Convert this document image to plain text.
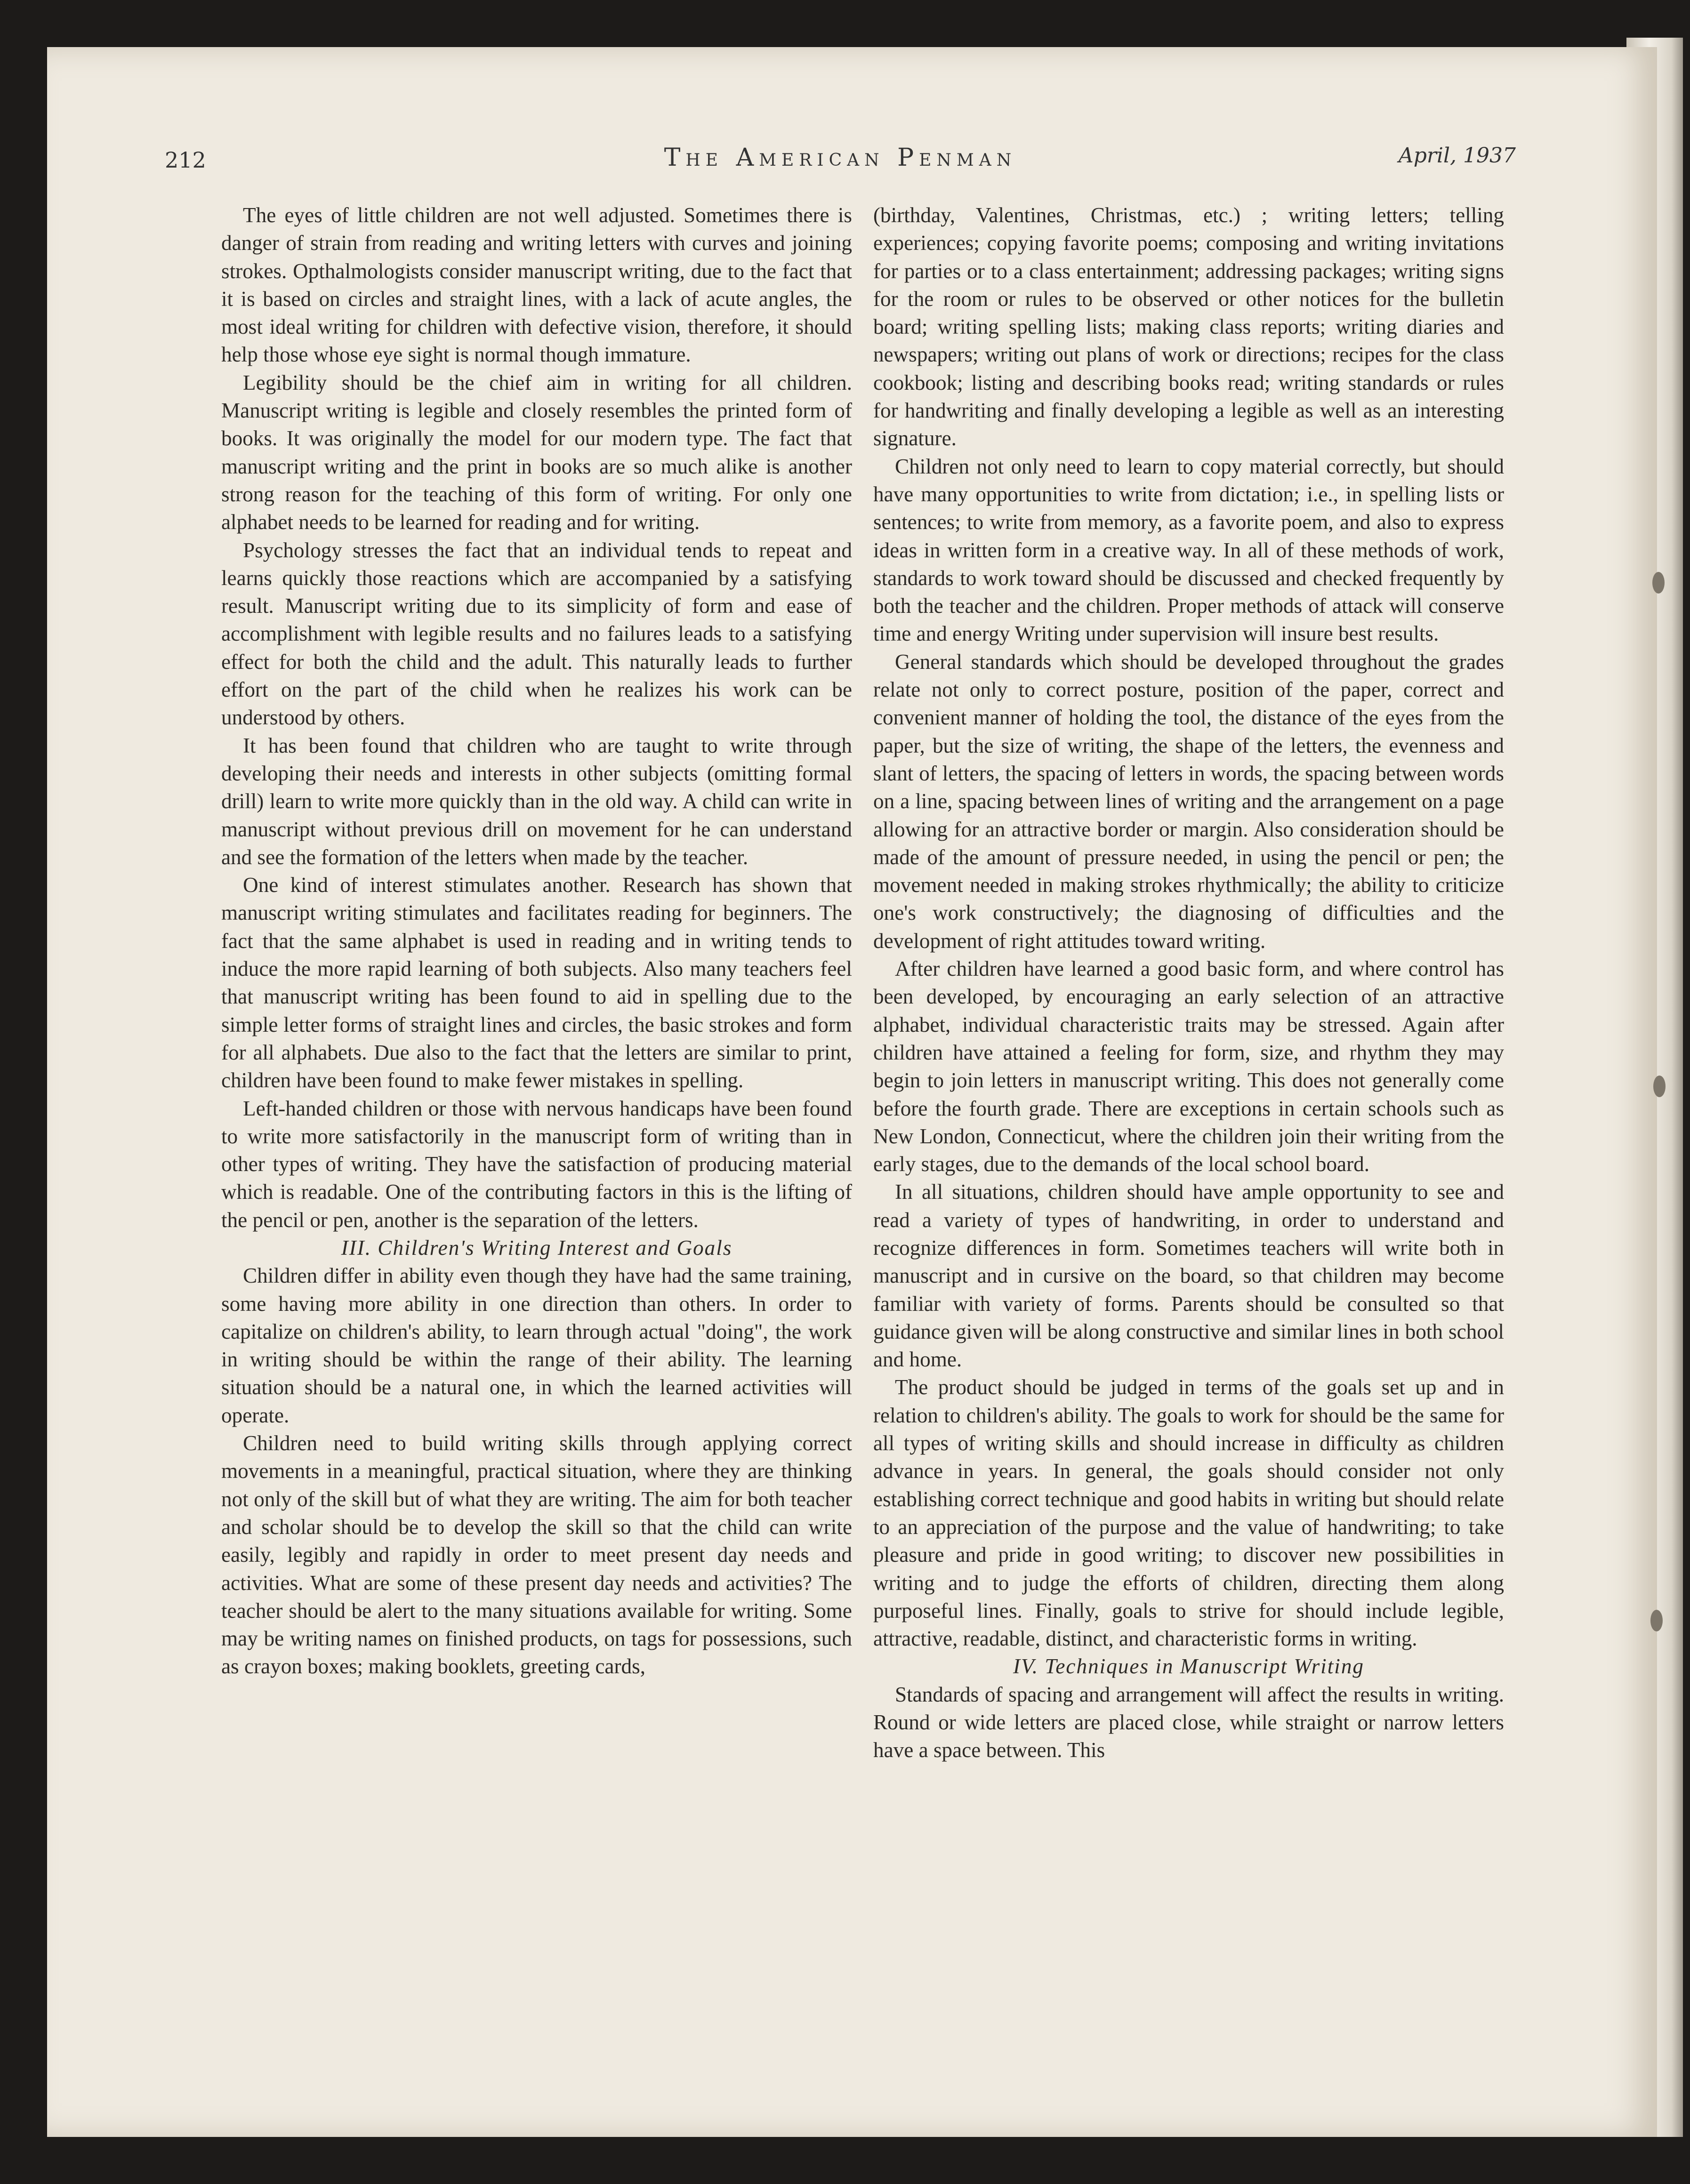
212	The American Penman	April, 1937

The eyes of little children are not well adjusted. Sometimes there is danger of strain from reading and writing letters with curves and joining strokes. Opthalmologists consider manuscript writing, due to the fact that it is based on circles and straight lines, with a lack of acute angles, the most ideal writing for children with defective vision, therefore, it should help those whose eye sight is normal though immature.

Legibility should be the chief aim in writing for all children. Manuscript writing is legible and closely resembles the printed form of books. It was originally the model for our modern type. The fact that manuscript writing and the print in books are so much alike is another strong reason for the teaching of this form of writing. For only one alphabet needs to be learned for reading and for writing.

Psychology stresses the fact that an individual tends to repeat and learns quickly those reactions which are accompanied by a satisfying result. Manuscript writing due to its simplicity of form and ease of accomplishment with legible results and no failures leads to a satisfying effect for both the child and the adult. This naturally leads to further effort on the part of the child when he realizes his work can be understood by others.

It has been found that children who are taught to write through developing their needs and interests in other subjects (omitting formal drill) learn to write more quickly than in the old way. A child can write in manuscript without previous drill on movement for he can understand and see the formation of the letters when made by the teacher.

One kind of interest stimulates another. Research has shown that manuscript writing stimulates and facilitates reading for beginners. The fact that the same alphabet is used in reading and in writing tends to induce the more rapid learning of both subjects. Also many teachers feel that manuscript writing has been found to aid in spelling due to the simple letter forms of straight lines and circles, the basic strokes and form for all alphabets. Due also to the fact that the letters are similar to print, children have been found to make fewer mistakes in spelling.

Left-handed children or those with nervous handicaps have been found to write more satisfactorily in the manuscript form of writing than in other types of writing. They have the satisfaction of producing material which is readable. One of the contributing factors in this is the lifting of the pencil or pen, another is the separation of the letters.

III. Children's Writing Interest and Goals

Children differ in ability even though they have had the same training, some having more ability in one direction than others. In order to capitalize on children's ability, to learn through actual "doing", the work in writing should be within the range of their ability. The learning situation should be a natural one, in which the learned activities will operate.

Children need to build writing skills through applying correct movements in a meaningful, practical situation, where they are thinking not only of the skill but of what they are writing. The aim for both teacher and scholar should be to develop the skill so that the child can write easily, legibly and rapidly in order to meet present day needs and activities. What are some of these present day needs and activities? The teacher should be alert to the many situations available for writing. Some may be writing names on finished products, on tags for possessions, such as crayon boxes; making booklets, greeting cards,

(birthday, Valentines, Christmas, etc.) ; writing letters; telling experiences; copying favorite poems; composing and writing invitations for parties or to a class entertainment; addressing packages; writing signs for the room or rules to be observed or other notices for the bulletin board; writing spelling lists; making class reports; writing diaries and newspapers; writing out plans of work or directions; recipes for the class cookbook; listing and describing books read; writing standards or rules for handwriting and finally developing a legible as well as an interesting signature.

Children not only need to learn to copy material correctly, but should have many opportunities to write from dictation; i.e., in spelling lists or sentences; to write from memory, as a favorite poem, and also to express ideas in written form in a creative way. In all of these methods of work, standards to work toward should be discussed and checked frequently by both the teacher and the children. Proper methods of attack will conserve time and energy Writing under supervision will insure best results.

General standards which should be developed throughout the grades relate not only to correct posture, position of the paper, correct and convenient manner of holding the tool, the distance of the eyes from the paper, but the size of writing, the shape of the letters, the evenness and slant of letters, the spacing of letters in words, the spacing between words on a line, spacing between lines of writing and the arrangement on a page allowing for an attractive border or margin. Also consideration should be made of the amount of pressure needed, in using the pencil or pen; the movement needed in making strokes rhythmically; the ability to criticize one's work constructively; the diagnosing of difficulties and the development of right attitudes toward writing.

After children have learned a good basic form, and where control has been developed, by encouraging an early selection of an attractive alphabet, individual characteristic traits may be stressed. Again after children have attained a feeling for form, size, and rhythm they may begin to join letters in manuscript writing. This does not generally come before the fourth grade. There are exceptions in certain schools such as New London, Connecticut, where the children join their writing from the early stages, due to the demands of the local school board.

In all situations, children should have ample opportunity to see and read a variety of types of handwriting, in order to understand and recognize differences in form. Sometimes teachers will write both in manuscript and in cursive on the board, so that children may become familiar with variety of forms. Parents should be consulted so that guidance given will be along constructive and similar lines in both school and home.

The product should be judged in terms of the goals set up and in relation to children's ability. The goals to work for should be the same for all types of writing skills and should increase in difficulty as children advance in years. In general, the goals should consider not only establishing correct technique and good habits in writing but should relate to an appreciation of the purpose and the value of handwriting; to take pleasure and pride in good writing; to discover new possibilities in writing and to judge the efforts of children, directing them along purposeful lines. Finally, goals to strive for should include legible, attractive, readable, distinct, and characteristic forms in writing.

IV. Techniques in Manuscript Writing

Standards of spacing and arrangement will affect the results in writing. Round or wide letters are placed close, while straight or narrow letters have a space between. This
